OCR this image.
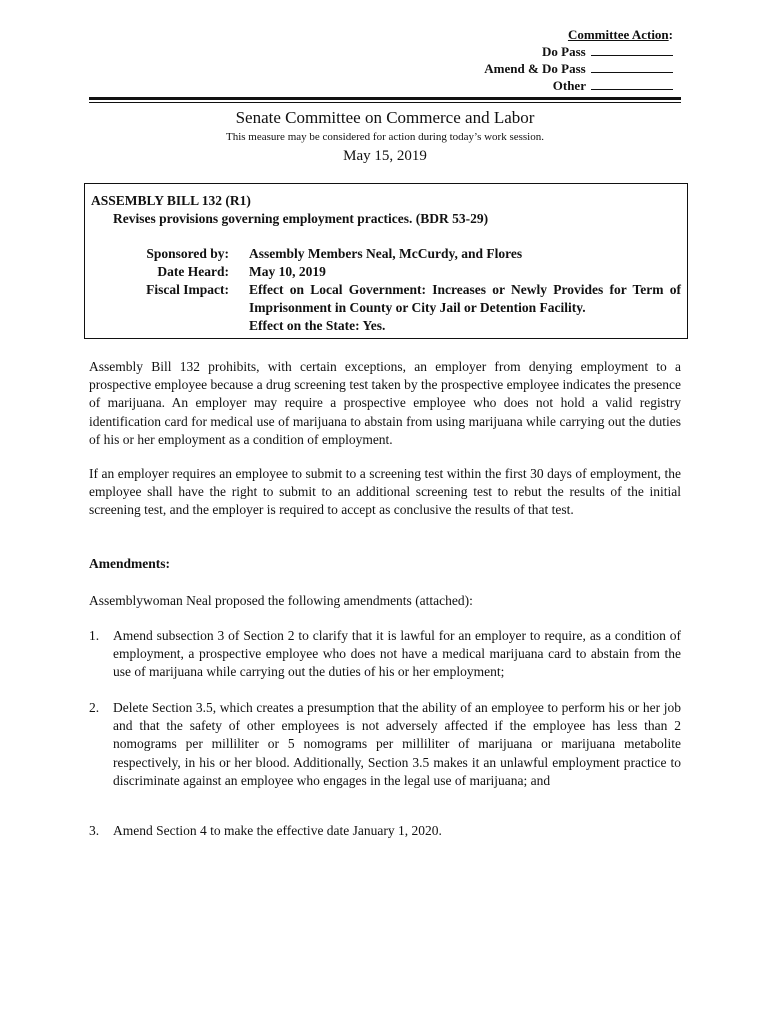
Committee Action:
Do Pass
Amend & Do Pass
Other
Senate Committee on Commerce and Labor
This measure may be considered for action during today’s work session.
May 15, 2019
ASSEMBLY BILL 132 (R1)
Revises provisions governing employment practices. (BDR 53-29)
Sponsored by: Assembly Members Neal, McCurdy, and Flores
Date Heard: May 10, 2019
Fiscal Impact: Effect on Local Government: Increases or Newly Provides for Term of Imprisonment in County or City Jail or Detention Facility.
Effect on the State: Yes.
Assembly Bill 132 prohibits, with certain exceptions, an employer from denying employment to a prospective employee because a drug screening test taken by the prospective employee indicates the presence of marijuana. An employer may require a prospective employee who does not hold a valid registry identification card for medical use of marijuana to abstain from using marijuana while carrying out the duties of his or her employment as a condition of employment.
If an employer requires an employee to submit to a screening test within the first 30 days of employment, the employee shall have the right to submit to an additional screening test to rebut the results of the initial screening test, and the employer is required to accept as conclusive the results of that test.
Amendments:
Assemblywoman Neal proposed the following amendments (attached):
1. Amend subsection 3 of Section 2 to clarify that it is lawful for an employer to require, as a condition of employment, a prospective employee who does not have a medical marijuana card to abstain from the use of marijuana while carrying out the duties of his or her employment;
2. Delete Section 3.5, which creates a presumption that the ability of an employee to perform his or her job and that the safety of other employees is not adversely affected if the employee has less than 2 nomograms per milliliter or 5 nomograms per milliliter of marijuana or marijuana metabolite respectively, in his or her blood. Additionally, Section 3.5 makes it an unlawful employment practice to discriminate against an employee who engages in the legal use of marijuana; and
3. Amend Section 4 to make the effective date January 1, 2020.
